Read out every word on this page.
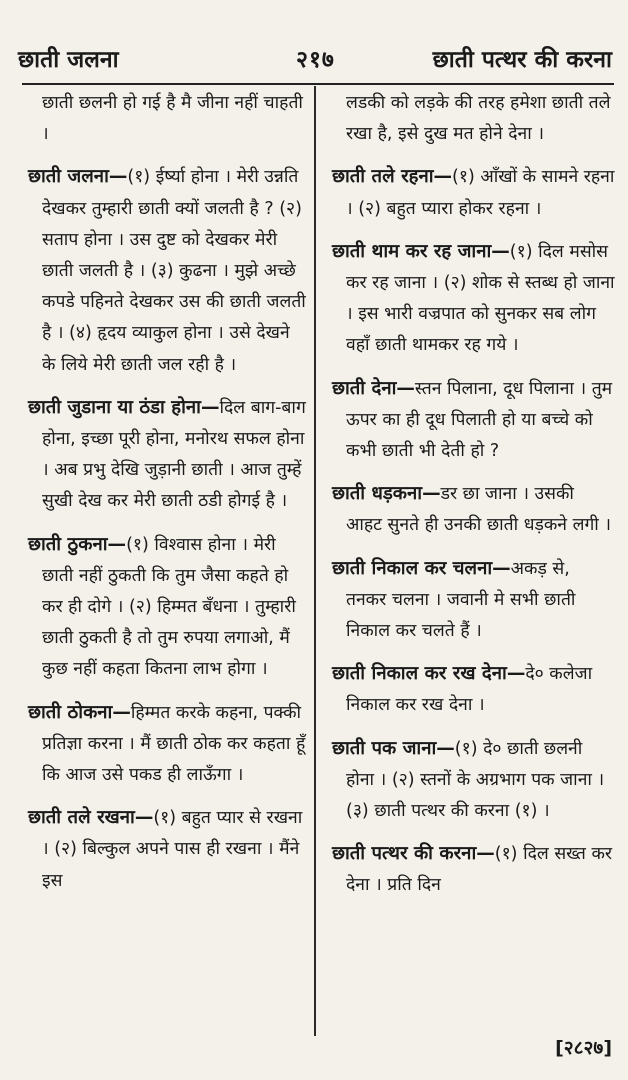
छाती जलना	२१७	छाती पत्थर की करना
छाती छलनी हो गई है मै जीना नहीं चाहती ।
छाती जलना—(१) ईर्ष्या होना । मेरी उन्नति देखकर तुम्हारी छाती क्यों जलती है ? (२) सताप होना । उस दुष्ट को देखकर मेरी छाती जलती है । (३) कुढना । मुझे अच्छे कपडे पहिनते देखकर उस की छाती जलती है । (४) हृदय व्याकुल होना । उसे देखने के लिये मेरी छाती जल रही है ।
छाती जुडाना या ठंडा होना—दिल बाग-बाग होना, इच्छा पूरी होना, मनोरथ सफल होना । अब प्रभु देखि जुड़ानी छाती । आज तुम्हें सुखी देख कर मेरी छाती ठडी होगई है ।
छाती ठुकना—(१) विश्वास होना । मेरी छाती नहीं ठुकती कि तुम जैसा कहते हो कर ही दोगे । (२) हिम्मत बँधना । तुम्हारी छाती ठुकती है तो तुम रुपया लगाओ, मैं कुछ नहीं कहता कितना लाभ होगा ।
छाती ठोकना—हिम्मत करके कहना, पक्की प्रतिज्ञा करना । मैं छाती ठोक कर कहता हूँ कि आज उसे पकड ही लाऊँगा ।
छाती तले रखना—(१) बहुत प्यार से रखना । (२) बिल्कुल अपने पास ही रखना । मैंने इस
लडकी को लड़के की तरह हमेशा छाती तले रखा है, इसे दुख मत होने देना ।
छाती तले रहना—(१) आँखों के सामने रहना । (२) बहुत प्यारा होकर रहना ।
छाती थाम कर रह जाना—(१) दिल मसोस कर रह जाना । (२) शोक से स्तब्ध हो जाना । इस भारी वज्रपात को सुनकर सब लोग वहाँ छाती थामकर रह गये ।
छाती देना—स्तन पिलाना, दूध पिलाना । तुम ऊपर का ही दूध पिलाती हो या बच्चे को कभी छाती भी देती हो ?
छाती धड़कना—डर छा जाना । उसकी आहट सुनते ही उनकी छाती धड़कने लगी ।
छाती निकाल कर चलना—अकड़ से, तनकर चलना । जवानी मे सभी छाती निकाल कर चलते हैं ।
छाती निकाल कर रख देना—दे० कलेजा निकाल कर रख देना ।
छाती पक जाना—(१) दे० छाती छलनी होना । (२) स्तनों के अग्रभाग पक जाना । (३) छाती पत्थर की करना (१) ।
छाती पत्थर की करना—(१) दिल सख्त कर देना । प्रति दिन
[२८२७]
